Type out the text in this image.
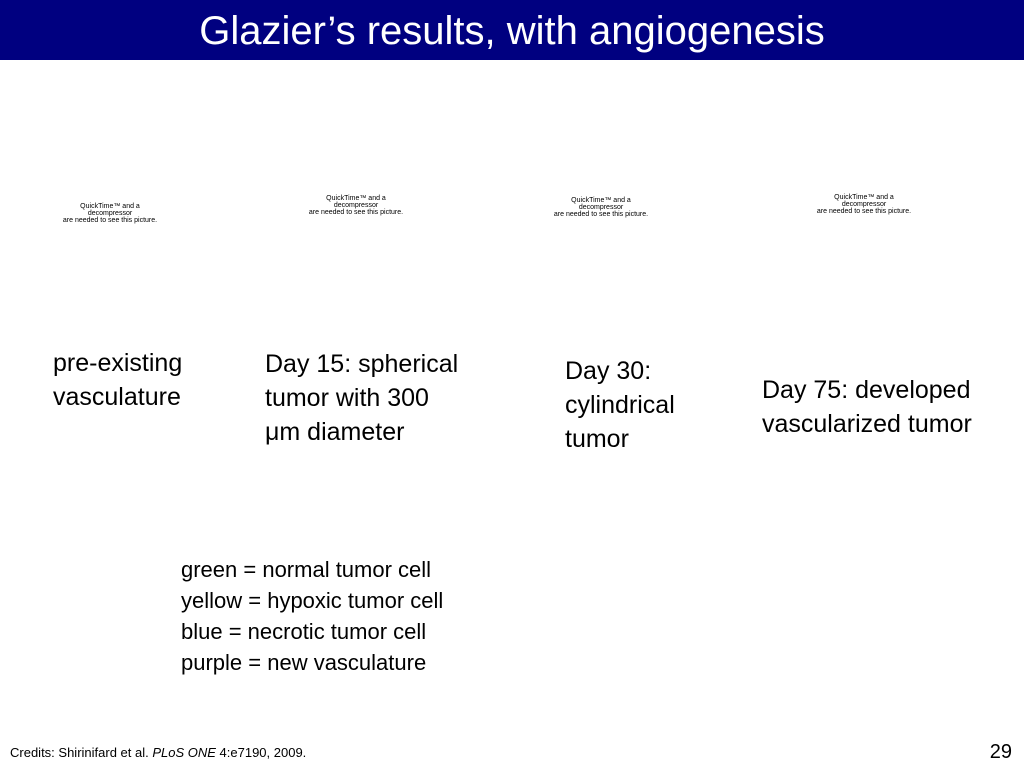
Glazier’s results, with angiogenesis
QuickTime™ and a
decompressor
are needed to see this picture.
QuickTime™ and a
decompressor
are needed to see this picture.
QuickTime™ and a
decompressor
are needed to see this picture.
QuickTime™ and a
decompressor
are needed to see this picture.
pre-existing
vasculature
Day 15: spherical
tumor with 300
μm diameter
Day 30:
cylindrical
tumor
Day 75: developed
vascularized tumor
green = normal tumor cell
yellow = hypoxic tumor cell
blue = necrotic tumor cell
purple = new vasculature
Credits: Shirinifard et al. PLoS ONE 4:e7190, 2009.	29
